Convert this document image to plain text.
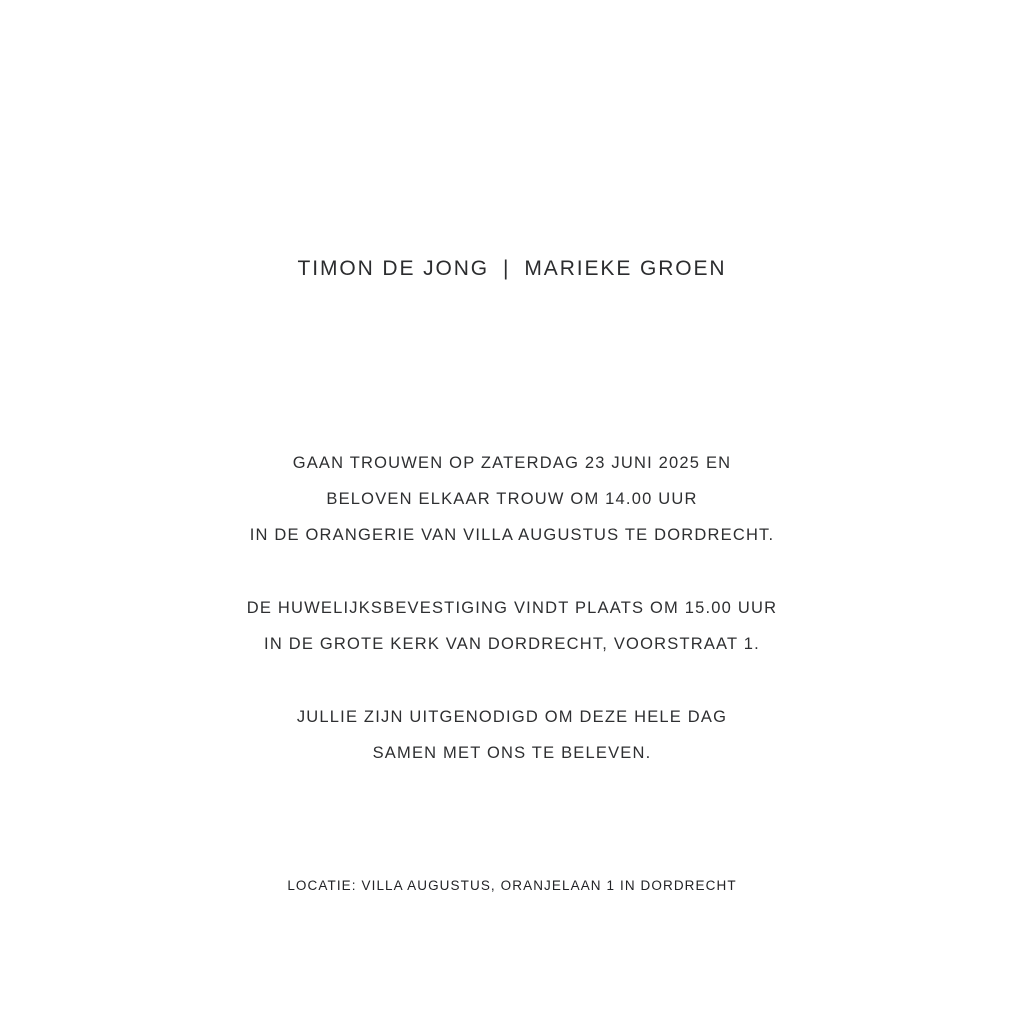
TIMON DE JONG | MARIEKE GROEN
GAAN TROUWEN OP ZATERDAG 23 JUNI 2025 EN
BELOVEN ELKAAR TROUW OM 14.00 UUR
IN DE ORANGERIE VAN VILLA AUGUSTUS TE DORDRECHT.
DE HUWELIJKSBEVESTIGING VINDT PLAATS OM 15.00 UUR
IN DE GROTE KERK VAN DORDRECHT, VOORSTRAAT 1.
JULLIE ZIJN UITGENODIGD OM DEZE HELE DAG
SAMEN MET ONS TE BELEVEN.
LOCATIE: VILLA AUGUSTUS, ORANJELAAN 1 IN DORDRECHT
